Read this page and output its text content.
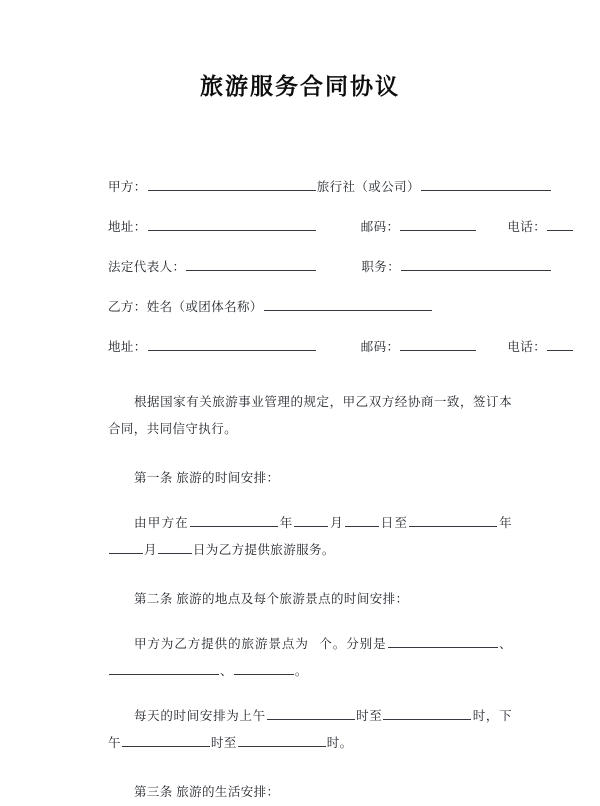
旅游服务合同协议
甲方：	旅行社（或公司）
地址：	邮码：	电话：
法定代表人：	职务：
乙方：姓名（或团体名称）
地址：	邮码：	电话：
根据国家有关旅游事业管理的规定，甲乙双方经协商一致，签订本合同，共同信守执行。
第一条 旅游的时间安排：
由甲方在	年	月	日至	年月	日为乙方提供旅游服务。
第二条 旅游的地点及每个旅游景点的时间安排：
甲方为乙方提供的旅游景点为 个。分别是	、、	。
每天的时间安排为上午	时至	时，下午	时至	时。
第三条 旅游的生活安排：
